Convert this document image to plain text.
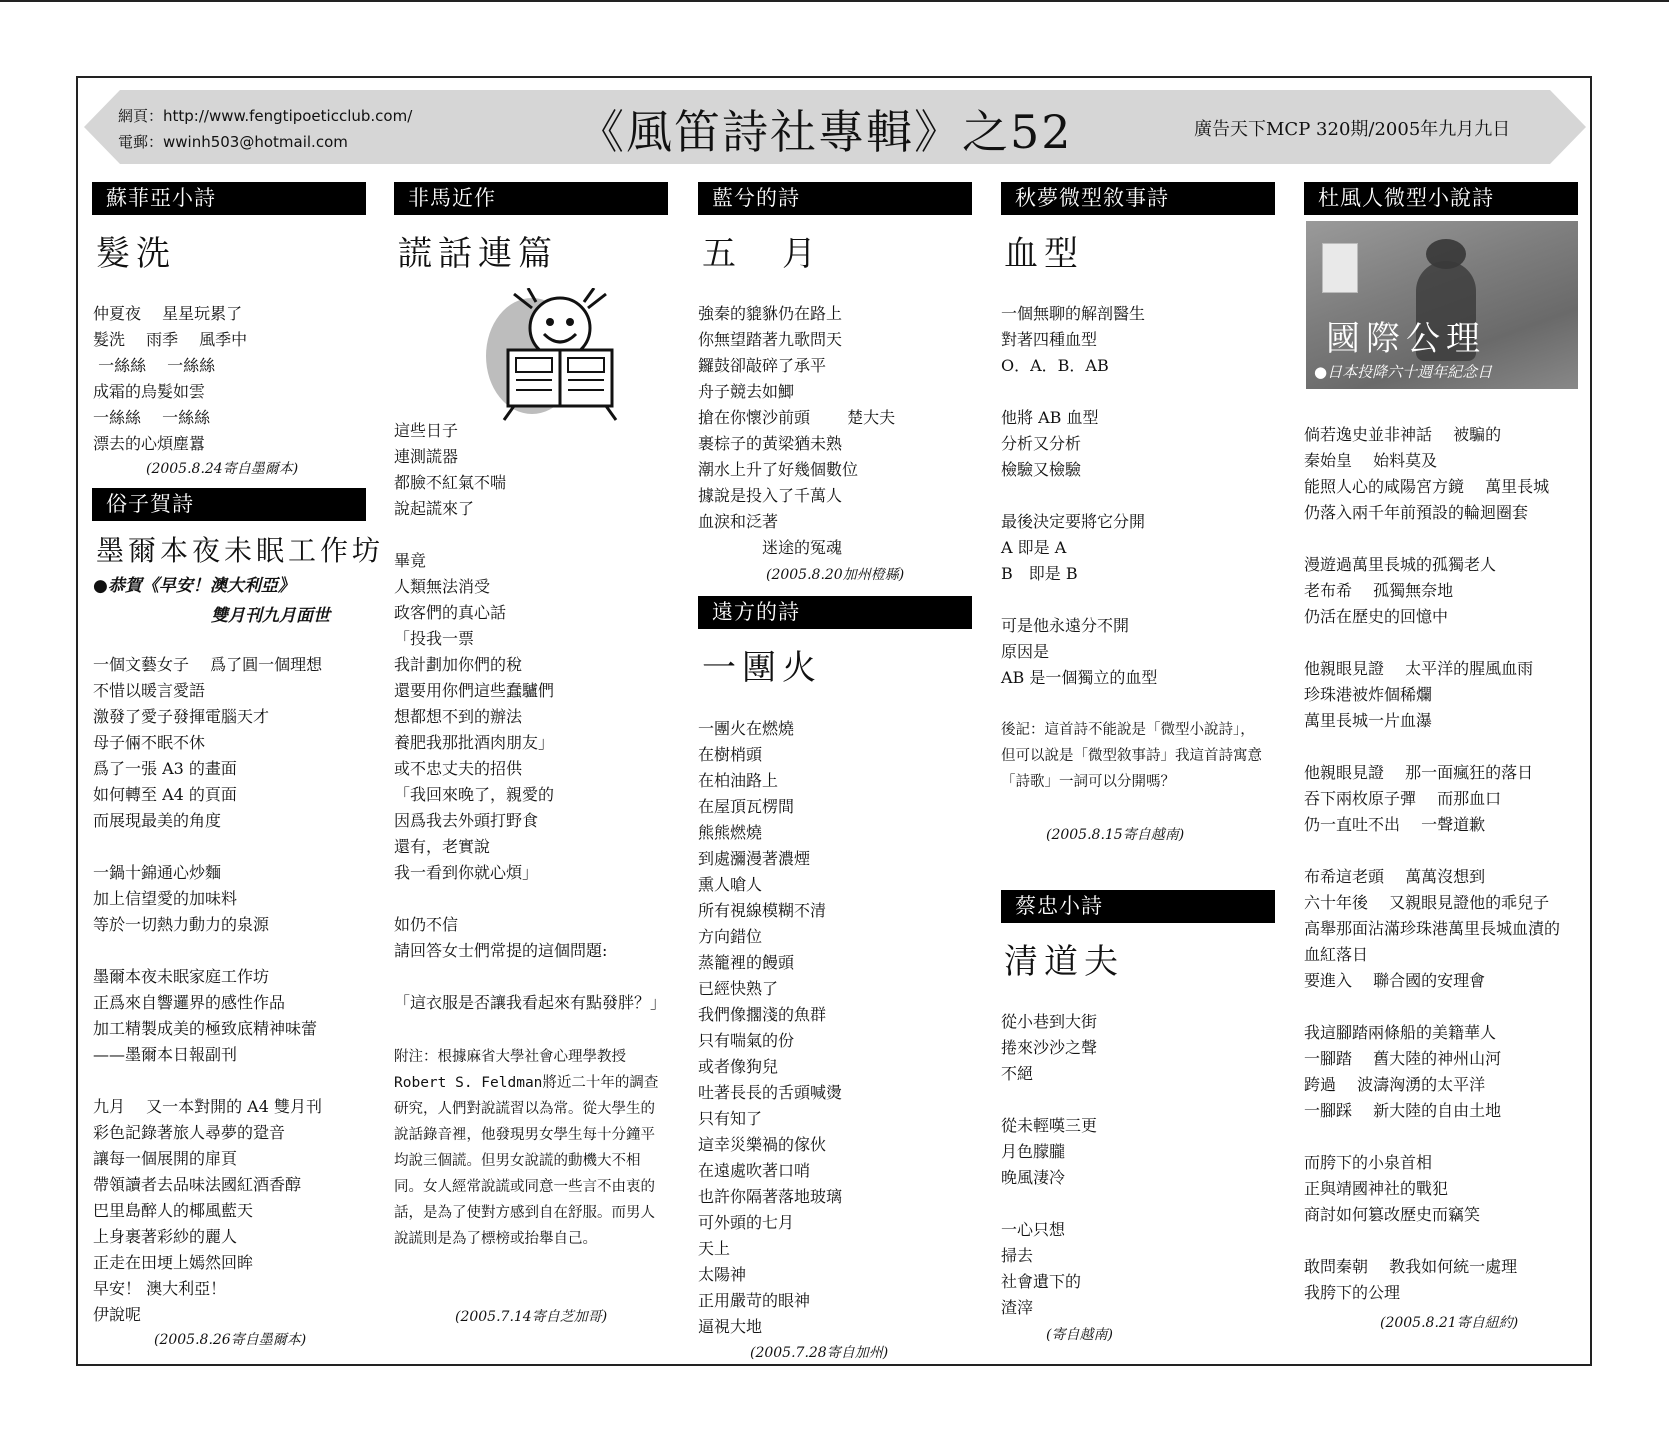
網頁：http://www.fengtipoeticclub.com/
電郵：wwinh503@hotmail.com	《風笛詩社專輯》之52	廣告天下MCP 320期/2005年九月九日
蘇菲亞小詩
髮洗
仲夏夜　 星星玩累了
髮洗　 雨季　 風季中
一絲絲　 一絲絲
成霜的烏髮如雲
一絲絲　 一絲絲
漂去的心煩塵囂
(2005.8.24寄自墨爾本)
俗子賀詩
墨爾本夜未眠工作坊
●恭賀《早安！澳大利亞》
雙月刊九月面世
一個文藝女子　 爲了圓一個理想
不惜以暖言愛語
激發了愛子發揮電腦天才
母子倆不眠不休
爲了一張 A3 的畫面
如何轉至 A4 的頁面
而展現最美的角度
一鍋十錦通心炒麵
加上信望愛的加味料
等於一切熱力動力的泉源
墨爾本夜未眠家庭工作坊
正爲來自響邏界的感性作品
加工精製成美的極致底精神味蕾
——墨爾本日報副刊
九月　 又一本對開的 A4 雙月刊
彩色記錄著旅人尋夢的跫音
讓每一個展開的扉頁
帶領讀者去品味法國紅酒香醇
巴里島醉人的椰風藍天
上身裹著彩紗的麗人
正走在田埂上嫣然回眸
早安！ 澳大利亞！
伊說呢
(2005.8.26寄自墨爾本)
非馬近作
謊話連篇
這些日子
連測謊器
都臉不紅氣不喘
說起謊來了
畢竟
人類無法消受
政客們的真心話
「投我一票
我計劃加你們的稅
還要用你們這些蠢驢們
想都想不到的辦法
養肥我那批酒肉朋友」
或不忠丈夫的招供
「我回來晚了，親愛的
因爲我去外頭打野食
還有，老實說
我一看到你就心煩」
如仍不信
請回答女士們常提的這個問題:
「這衣服是否讓我看起來有點發胖？」
附注：根據麻省大學社會心理學教授Robert S. Feldman將近二十年的調查研究，人們對說謊習以為常。從大學生的說話錄音裡，他發現男女學生每十分鐘平均說三個謊。但男女說謊的動機大不相同。女人經常說謊或同意一些言不由衷的話，是為了使對方感到自在舒服。而男人說謊則是為了標榜或抬舉自己。
(2005.7.14寄自芝加哥)
藍兮的詩
五　月
強秦的貔貅仍在路上
你無望踏著九歌問天
鑼鼓卻敲碎了承平
舟子競去如鯽
搶在你懷沙前頭　　 楚大夫
裹棕子的黃梁猶未熟
潮水上升了好幾個數位
據說是投入了千萬人
血淚和泛著
　　　　迷途的冤魂
(2005.8.20加州橙縣)
遠方的詩
一團火
一團火在燃燒
在樹梢頭
在柏油路上
在屋頂瓦楞間
熊熊燃燒
到處瀰漫著濃煙
熏人嗆人
所有視線模糊不清
方向錯位
蒸籠裡的饅頭
已經快熟了
我們像擱淺的魚群
只有喘氣的份
或者像狗兒
吐著長長的舌頭喊燙
只有知了
這幸災樂禍的傢伙
在遠處吹著口哨
也許你隔著落地玻璃
可外頭的七月
天上
太陽神
正用嚴苛的眼神
逼視大地
(2005.7.28寄自加州)
秋夢微型敘事詩
血型
一個無聊的解剖醫生
對著四種血型
O．A．B．AB
他將 AB 血型
分析又分析
檢驗又檢驗
最後決定要將它分開
A 即是 A
B　即是 B
可是他永遠分不開
原因是
AB 是一個獨立的血型
後記：這首詩不能說是「微型小說詩」，但可以說是「微型敘事詩」我這首詩寓意「詩歌」一詞可以分開嗎？
(2005.8.15寄自越南)
蔡忠小詩
清道夫
從小巷到大街
捲來沙沙之聲
不絕
從未輕嘆三更
月色朦朧
晚風淒冷
一心只想
掃去
社會遺下的
渣滓
(寄自越南)
杜風人微型小說詩
國際公理
●日本投降六十週年紀念日
倘若逸史並非神話　 被騙的
秦始皇　 始料莫及
能照人心的咸陽宮方鏡　 萬里長城
仍落入兩千年前預設的輪迴圈套
漫遊過萬里長城的孤獨老人
老布希　 孤獨無奈地
仍活在歷史的回憶中
他親眼見證　 太平洋的腥風血雨
珍珠港被炸個稀爛
萬里長城一片血瀑
他親眼見證　 那一面瘋狂的落日
吞下兩枚原子彈　 而那血口
仍一直吐不出　 一聲道歉
布希這老頭　 萬萬沒想到
六十年後　 又親眼見證他的乖兒子
高舉那面沾滿珍珠港萬里長城血漬的
血紅落日
要進入　 聯合國的安理會
我這腳踏兩條船的美籍華人
一腳踏　 舊大陸的神州山河
跨過　 波濤洶湧的太平洋
一腳踩　 新大陸的自由土地
而胯下的小泉首相
正與靖國神社的戰犯
商討如何篡改歷史而竊笑
敢問秦朝　 教我如何統一處理
我胯下的公理
(2005.8.21寄自紐約)
